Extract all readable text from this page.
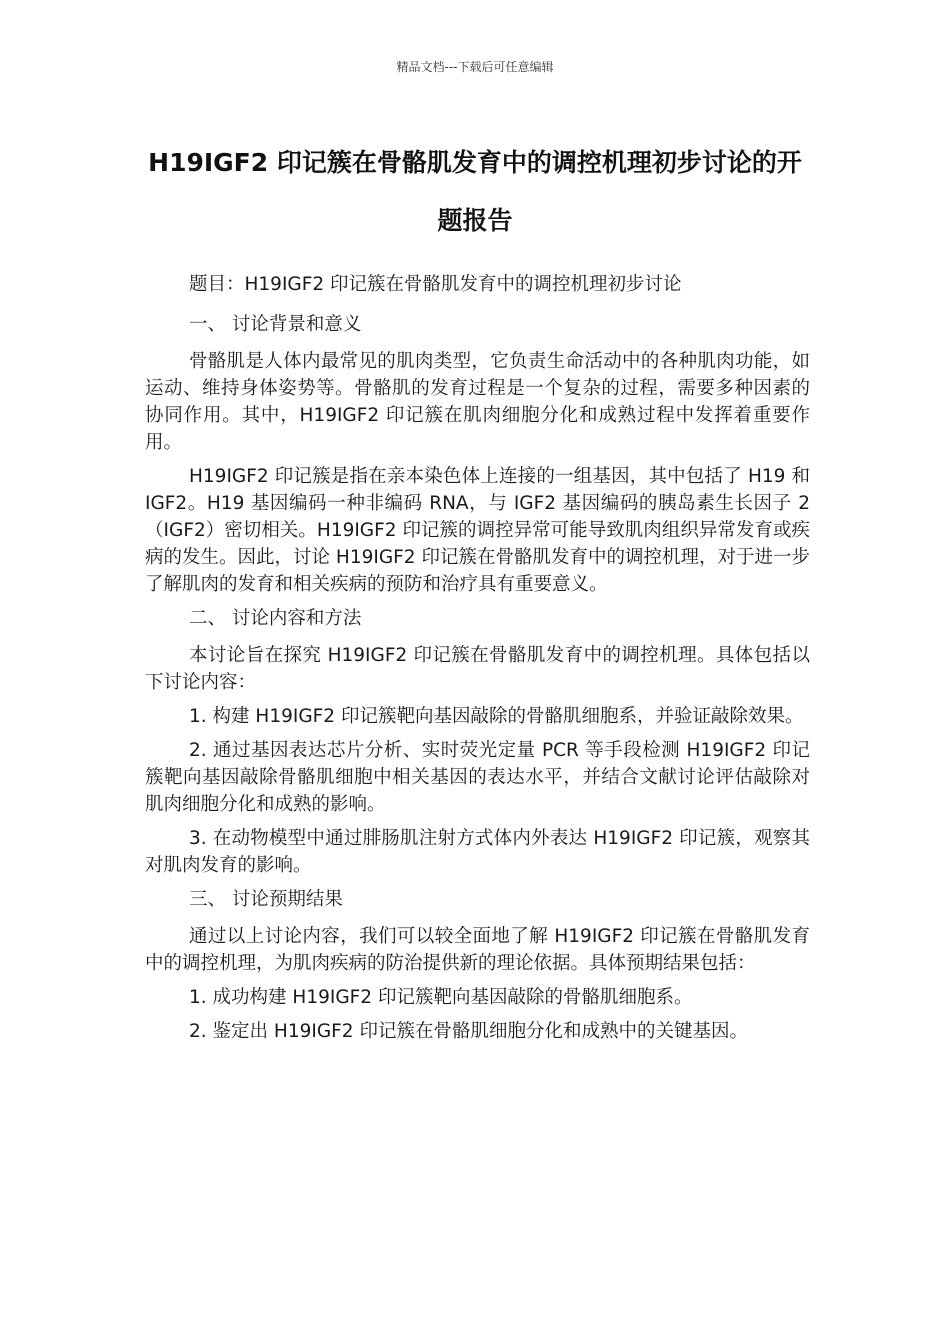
精品文档---下载后可任意编辑
H19IGF2 印记簇在骨骼肌发育中的调控机理初步讨论的开题报告

题目：H19IGF2 印记簇在骨骼肌发育中的调控机理初步讨论

一、 讨论背景和意义

骨骼肌是人体内最常见的肌肉类型，它负责生命活动中的各种肌肉功能，如运动、维持身体姿势等。骨骼肌的发育过程是一个复杂的过程，需要多种因素的协同作用。其中，H19IGF2 印记簇在肌肉细胞分化和成熟过程中发挥着重要作用。

H19IGF2 印记簇是指在亲本染色体上连接的一组基因，其中包括了 H19 和 IGF2。H19 基因编码一种非编码 RNA，与 IGF2 基因编码的胰岛素生长因子 2（IGF2）密切相关。H19IGF2 印记簇的调控异常可能导致肌肉组织异常发育或疾病的发生。因此，讨论 H19IGF2 印记簇在骨骼肌发育中的调控机理，对于进一步了解肌肉的发育和相关疾病的预防和治疗具有重要意义。

二、 讨论内容和方法

本讨论旨在探究 H19IGF2 印记簇在骨骼肌发育中的调控机理。具体包括以下讨论内容：

1. 构建 H19IGF2 印记簇靶向基因敲除的骨骼肌细胞系，并验证敲除效果。

2. 通过基因表达芯片分析、实时荧光定量 PCR 等手段检测 H19IGF2 印记簇靶向基因敲除骨骼肌细胞中相关基因的表达水平，并结合文献讨论评估敲除对肌肉细胞分化和成熟的影响。

3. 在动物模型中通过腓肠肌注射方式体内外表达 H19IGF2 印记簇，观察其对肌肉发育的影响。

三、 讨论预期结果

通过以上讨论内容，我们可以较全面地了解 H19IGF2 印记簇在骨骼肌发育中的调控机理，为肌肉疾病的防治提供新的理论依据。具体预期结果包括：

1. 成功构建 H19IGF2 印记簇靶向基因敲除的骨骼肌细胞系。

2. 鉴定出 H19IGF2 印记簇在骨骼肌细胞分化和成熟中的关键基因。
